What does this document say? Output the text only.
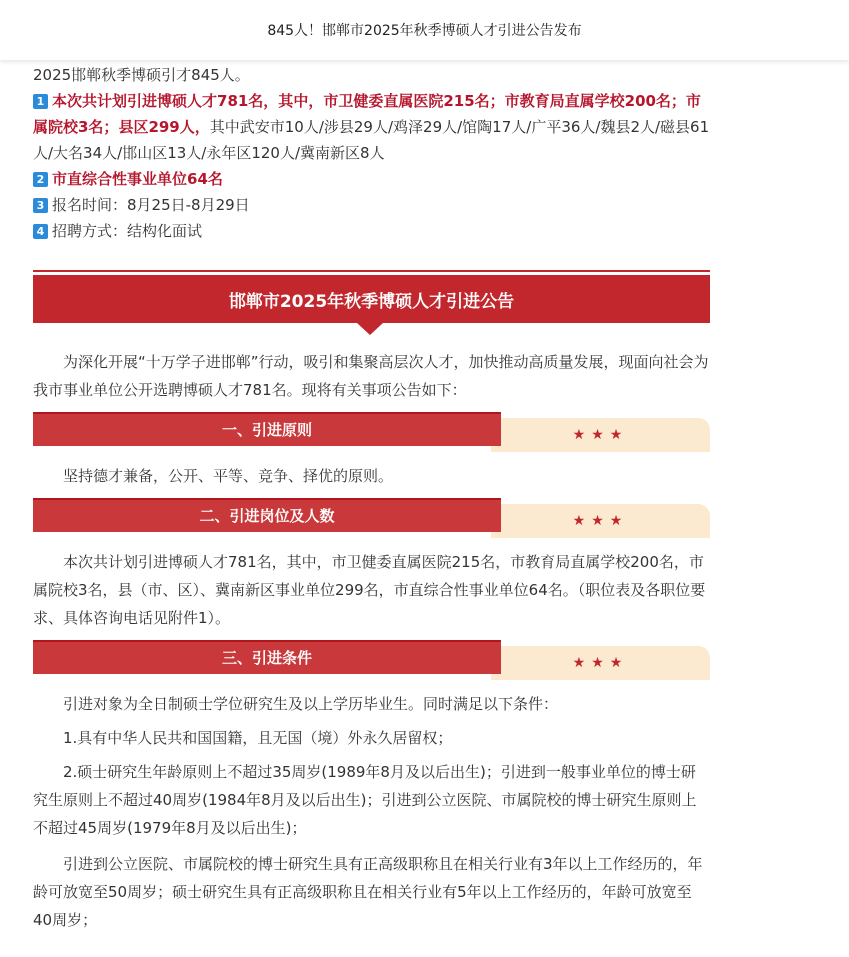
845人！邯郸市2025年秋季博硕人才引进公告发布

2025邯郸秋季博硕引才845人。

1 本次共计划引进博硕人才781名，其中，市卫健委直属医院215名；市教育局直属学校200名；市属院校3名；县区299人，其中武安市10人/涉县29人/鸡泽29人/馆陶17人/广平36人/魏县2人/磁县61人/大名34人/邯山区13人/永年区120人/冀南新区8人

2 市直综合性事业单位64名

3 报名时间：8月25日-8月29日

4 招聘方式：结构化面试

邯郸市2025年秋季博硕人才引进公告

为深化开展“十万学子进邯郸”行动，吸引和集聚高层次人才，加快推动高质量发展，现面向社会为我市事业单位公开选聘博硕人才781名。现将有关事项公告如下：

★★★
一、引进原则

坚持德才兼备，公开、平等、竞争、择优的原则。

★★★
二、引进岗位及人数

本次共计划引进博硕人才781名，其中，市卫健委直属医院215名，市教育局直属学校200名，市属院校3名，县（市、区）、冀南新区事业单位299名，市直综合性事业单位64名。（职位表及各职位要求、具体咨询电话见附件1）。

★★★
三、引进条件

引进对象为全日制硕士学位研究生及以上学历毕业生。同时满足以下条件：

1.具有中华人民共和国国籍，且无国（境）外永久居留权；

2.硕士研究生年龄原则上不超过35周岁(1989年8月及以后出生)；引进到一般事业单位的博士研究生原则上不超过40周岁(1984年8月及以后出生)；引进到公立医院、市属院校的博士研究生原则上不超过45周岁(1979年8月及以后出生)；

引进到公立医院、市属院校的博士研究生具有正高级职称且在相关行业有3年以上工作经历的，年龄可放宽至50周岁；硕士研究生具有正高级职称且在相关行业有5年以上工作经历的，年龄可放宽至40周岁；
